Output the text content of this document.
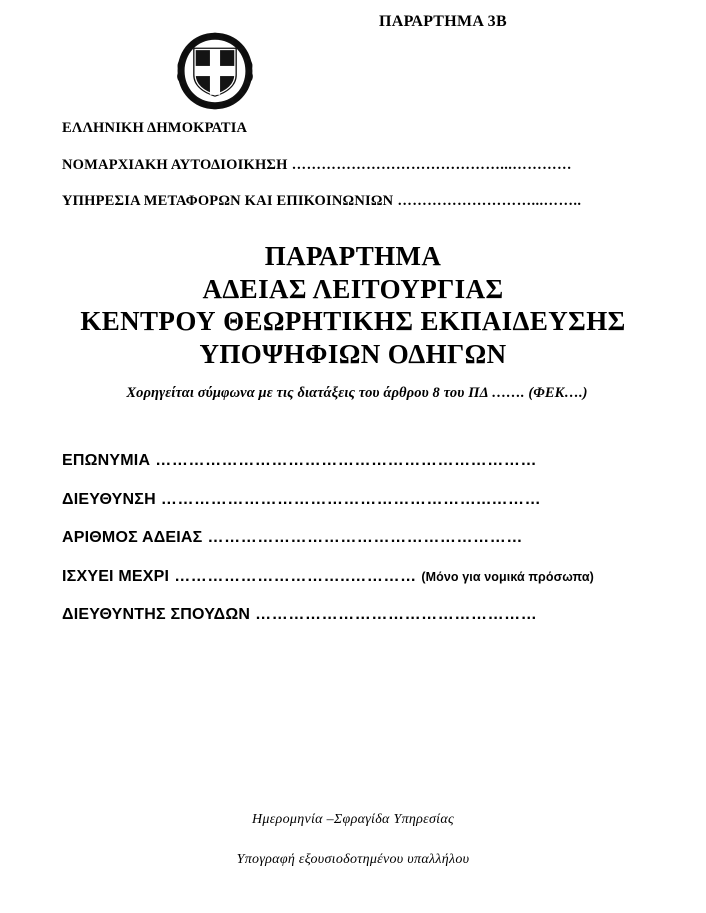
ΠΑΡΑΡΤΗΜΑ 3Β
ΕΛΛΗΝΙΚΗ ΔΗΜΟΚΡΑΤΙΑ
ΝΟΜΑΡΧΙΑΚΗ ΑΥΤΟΔΙΟΙΚΗΣΗ ……………………………………...…………
ΥΠΗΡΕΣΙΑ ΜΕΤΑΦΟΡΩΝ ΚΑΙ ΕΠΙΚΟΙΝΩΝΙΩΝ ………………………...……..
ΠΑΡΑΡΤΗΜΑ
ΑΔΕΙΑΣ ΛΕΙΤΟΥΡΓΙΑΣ
ΚΕΝΤΡΟΥ ΘΕΩΡΗΤΙΚΗΣ ΕΚΠΑΙΔΕΥΣΗΣ
ΥΠΟΨΗΦΙΩΝ ΟΔΗΓΩΝ
Χορηγείται σύμφωνα με τις διατάξεις του άρθρου 8 του ΠΔ ……. (ΦΕΚ….)
ΕΠΩΝΥΜΙΑ ……………………………………………………………
ΔΙΕΥΘΥΝΣΗ …………………………………………………...………
ΑΡΙΘΜΟΣ ΑΔΕΙΑΣ …………………………………………………
ΙΣΧΥΕΙ ΜΕΧΡΙ …………………………..………… (Μόνο για νομικά πρόσωπα)
ΔΙΕΥΘΥΝΤΗΣ ΣΠΟΥΔΩΝ ……………………………………………
Ημερομηνία –Σφραγίδα Υπηρεσίας
Υπογραφή εξουσιοδοτημένου υπαλλήλου
